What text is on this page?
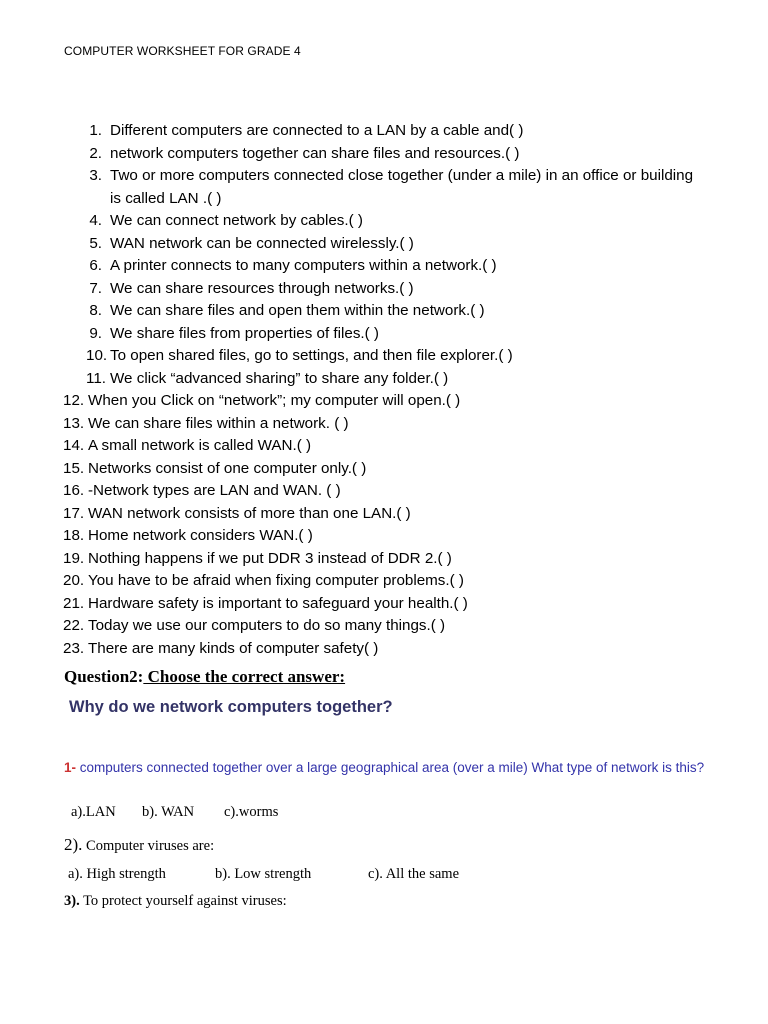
COMPUTER WORKSHEET FOR GRADE 4
1. Different computers are connected to a LAN by a cable and( )
2. network computers together can share files and resources.( )
3. Two or more computers connected close together (under a mile) in an office or building is called LAN .( )
4. We can connect network by cables.( )
5. WAN network can be connected wirelessly.( )
6. A printer connects to many computers within a network.( )
7. We can share resources through networks.( )
8. We can share files and open them within the network.( )
9. We share files from properties of files.( )
10. To open shared files, go to settings, and then file explorer.( )
11. We click “advanced sharing” to share any folder.( )
12. When you Click on “network”; my computer will open.( )
13. We can share files within a network. ( )
14. A small network is called WAN.( )
15. Networks consist of one computer only.( )
16. -Network types are LAN and WAN. ( )
17. WAN network consists of more than one LAN.( )
18. Home network considers WAN.( )
19. Nothing happens if we put DDR 3 instead of DDR 2.( )
20. You have to be afraid when fixing computer problems.( )
21. Hardware safety is important to safeguard your health.( )
22. Today we use our computers to do so many things.( )
23. There are many kinds of computer safety( )
Question2: Choose the correct answer:
Why do we network computers together?
1- computers connected together over a large geographical area (over a mile) What type of network is this?
a).LAN b). WAN c).worms
2). Computer viruses are:
a). High strength	b). Low strength	c). All the same
3). To protect yourself against viruses:
